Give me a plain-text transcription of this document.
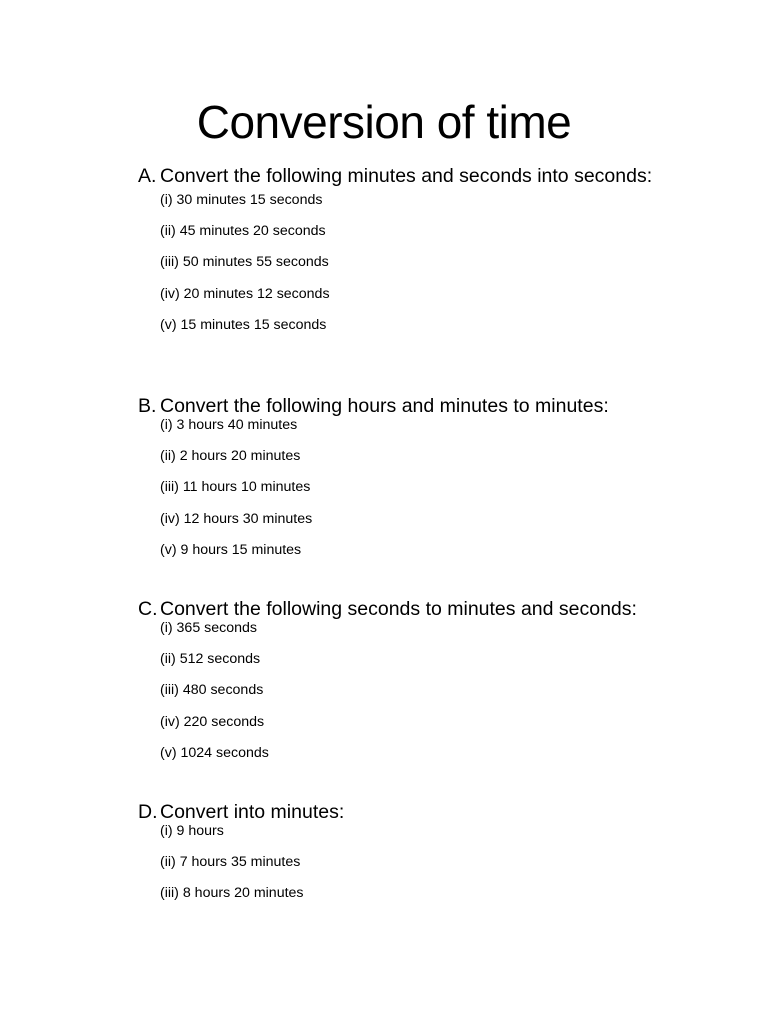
Conversion of time
A. Convert the following minutes and seconds into seconds:
(i) 30 minutes 15 seconds
(ii) 45 minutes 20 seconds
(iii) 50 minutes 55 seconds
(iv) 20 minutes 12 seconds
(v) 15 minutes 15 seconds
B. Convert the following hours and minutes to minutes:
(i) 3 hours 40 minutes
(ii) 2 hours 20 minutes
(iii) 11 hours 10 minutes
(iv) 12 hours 30 minutes
(v) 9 hours 15 minutes
C. Convert the following seconds to minutes and seconds:
(i) 365 seconds
(ii) 512 seconds
(iii) 480 seconds
(iv) 220 seconds
(v) 1024 seconds
D. Convert into minutes:
(i) 9 hours
(ii) 7 hours 35 minutes
(iii) 8 hours 20 minutes
